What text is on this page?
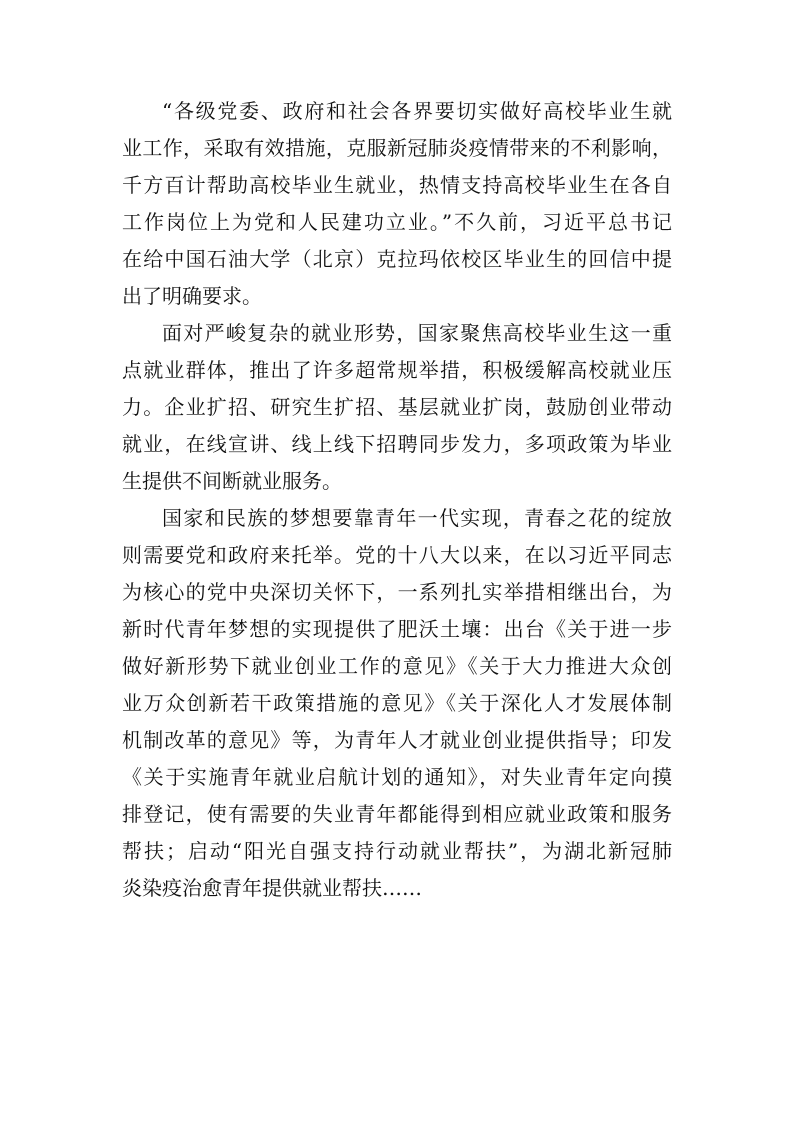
“各级党委、政府和社会各界要切实做好高校毕业生就
业工作，采取有效措施，克服新冠肺炎疫情带来的不利影响，
千方百计帮助高校毕业生就业，热情支持高校毕业生在各自
工作岗位上为党和人民建功立业。”不久前，习近平总书记
在给中国石油大学（北京）克拉玛依校区毕业生的回信中提
出了明确要求。
面对严峻复杂的就业形势，国家聚焦高校毕业生这一重
点就业群体，推出了许多超常规举措，积极缓解高校就业压
力。企业扩招、研究生扩招、基层就业扩岗，鼓励创业带动
就业，在线宣讲、线上线下招聘同步发力，多项政策为毕业
生提供不间断就业服务。
国家和民族的梦想要靠青年一代实现，青春之花的绽放
则需要党和政府来托举。党的十八大以来，在以习近平同志
为核心的党中央深切关怀下，一系列扎实举措相继出台，为
新时代青年梦想的实现提供了肥沃土壤：出台《关于进一步
做好新形势下就业创业工作的意见》《关于大力推进大众创
业万众创新若干政策措施的意见》《关于深化人才发展体制
机制改革的意见》等，为青年人才就业创业提供指导；印发
《关于实施青年就业启航计划的通知》，对失业青年定向摸
排登记，使有需要的失业青年都能得到相应就业政策和服务
帮扶；启动“阳光自强支持行动就业帮扶”，为湖北新冠肺
炎染疫治愈青年提供就业帮扶……
